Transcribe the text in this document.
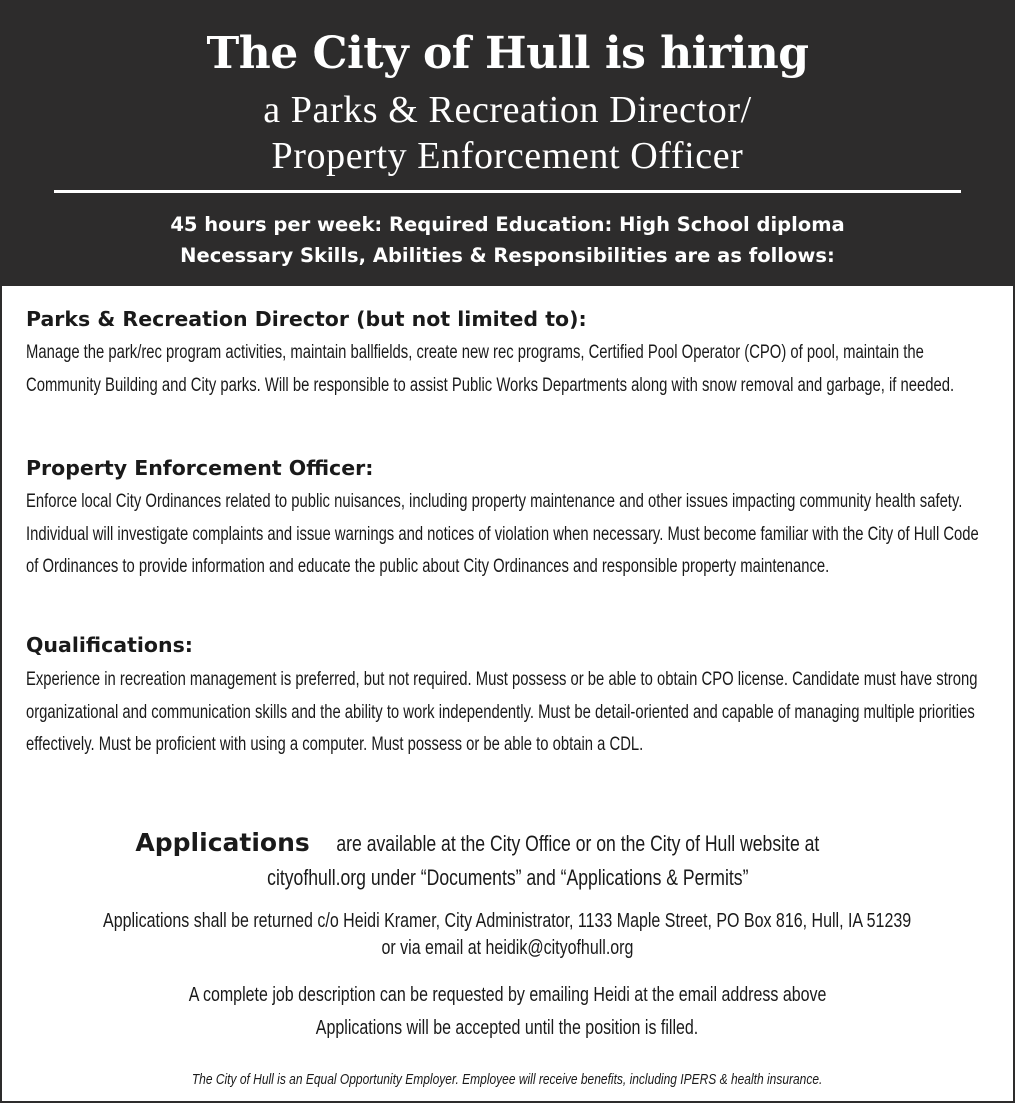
The City of Hull is hiring
a Parks & Recreation Director/
Property Enforcement Officer
45 hours per week: Required Education: High School diploma
Necessary Skills, Abilities & Responsibilities are as follows:
Parks & Recreation Director (but not limited to):
Manage the park/rec program activities, maintain ballfields, create new rec programs, Certified Pool Operator (CPO) of pool, maintain the Community Building and City parks. Will be responsible to assist Public Works Departments along with snow removal and garbage, if needed.
Property Enforcement Officer:
Enforce local City Ordinances related to public nuisances, including property maintenance and other issues impacting community health safety. Individual will investigate complaints and issue warnings and notices of violation when necessary. Must become familiar with the City of Hull Code of Ordinances to provide information and educate the public about City Ordinances and responsible property maintenance.
Qualifications:
Experience in recreation management is preferred, but not required. Must possess or be able to obtain CPO license. Candidate must have strong organizational and communication skills and the ability to work independently. Must be detail-oriented and capable of managing multiple priorities effectively. Must be proficient with using a computer. Must possess or be able to obtain a CDL.
Applications are available at the City Office or on the City of Hull website at
cityofhull.org under “Documents” and “Applications & Permits”
Applications shall be returned c/o Heidi Kramer, City Administrator, 1133 Maple Street, PO Box 816, Hull, IA 51239
or via email at heidik@cityofhull.org
A complete job description can be requested by emailing Heidi at the email address above
Applications will be accepted until the position is filled.
The City of Hull is an Equal Opportunity Employer. Employee will receive benefits, including IPERS & health insurance.
